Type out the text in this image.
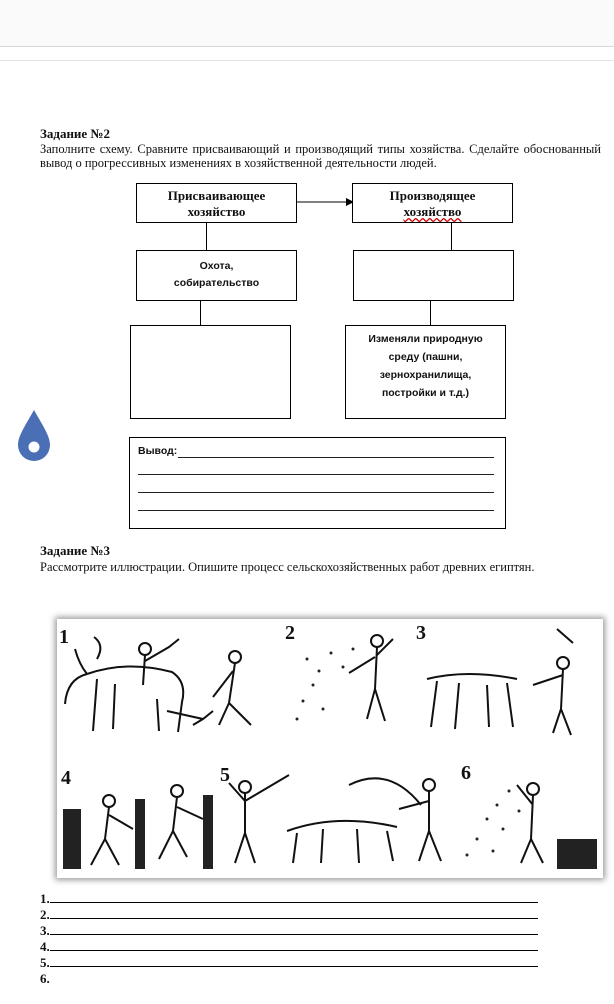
Задание №2
Заполните схему. Сравните присваивающий и производящий типы хозяйства. Сделайте обоснованный вывод о прогрессивных изменениях в хозяйственной деятельности людей.
Присваивающее
хозяйство
Производящее
хозяйство
Охота,
собирательство
Изменяли природную
среду (пашни,
зернохранилища,
постройки и т.д.)
Вывод:
Задание №3
Рассмотрите иллюстрации. Опишите процесс сельскохозяйственных работ древних египтян.
1	2	3
4	5	6
1.
2.
3.
4.
5.
6.
